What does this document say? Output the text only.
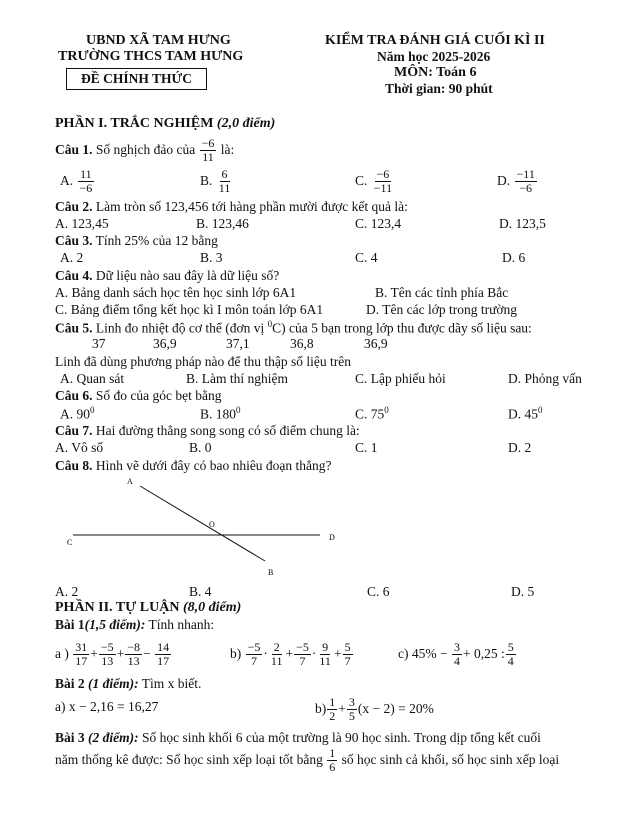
UBND XÃ TAM HƯNG
TRƯỜNG THCS TAM HƯNG
ĐỀ CHÍNH THỨC
KIỂM TRA ĐÁNH GIÁ CUỐI KÌ II
Năm học 2025-2026
MÔN: Toán 6
Thời gian: 90 phút
PHẦN I. TRẮC NGHIỆM (2,0 điểm)
Câu 1.
Số nghịch đảo của
$\frac{-6}{11}$
là:
A.
$\frac{11}{-6}$	B.
$\frac{6}{11}$	C.
$\frac{-6}{-11}$	D.
$\frac{-11}{-6}$
Câu 2. Làm tròn số 123,456 tới hàng phần mười được kết quả là:
A. 123,45	B. 123,46	C. 123,4	D. 123,5
Câu 3. Tính 25% của 12 bằng
A. 2	B. 3	C. 4	D. 6
Câu 4. Dữ liệu nào sau đây là dữ liệu số?
A. Bảng danh sách học tên học sinh lớp 6A1	B. Tên các tỉnh phía Bắc
C. Bảng điểm tổng kết học kì I môn toán lớp 6A1	D. Tên các lớp trong trường
Câu 5. Linh đo nhiệt độ cơ thể (đơn vị $^0$C) của 5 bạn trong lớp thu được dãy số liệu sau:
37	36,9	37,1	36,8	36,9
Linh đã dùng phương pháp nào để thu thập số liệu trên
A. Quan sát	B. Làm thí nghiệm	C. Lập phiếu hỏi	D. Phỏng vấn
Câu 6. Số đo của góc bẹt bằng
A. $90^0$	B. $180^0$	C. $75^0$	D. $45^0$
Câu 7. Hai đường thẳng song song có số điểm chung là:
A. Vô số	B. 0	C. 1	D. 2
Câu 8. Hình vẽ dưới đây có bao nhiêu đoạn thẳng?
A
O
C
D
B
A. 2	B. 4	C. 6	D. 5
PHẦN II. TỰ LUẬN (8,0 điểm)
Bài 1(1,5 điểm): Tính nhanh:
a )
$\frac{31}{17} + \frac{-5}{13} + \frac{-8}{13} - \frac{14}{17}$	b)
$\frac{-5}{7} \cdot \frac{2}{11} + \frac{-5}{7} \cdot \frac{9}{11} + \frac{5}{7}$	c) $45\% - \frac{3}{4} + 0,25$ : $\frac{5}{4}$
Bài 2 (1 điểm): Tìm x biết.
a) x − 2,16 = 16,27	$b) \frac{1}{2} + \frac{3}{5} (x - 2) = 20\%$
Bài 3 (2 điểm): Số học sinh khối 6 của một trường là 90 học sinh. Trong dịp tổng kết cuối
năm thống kê được: Số học sinh xếp loại tốt bằng
$\frac{1}{6}$
số học sinh cả khối, số học sinh xếp loại
